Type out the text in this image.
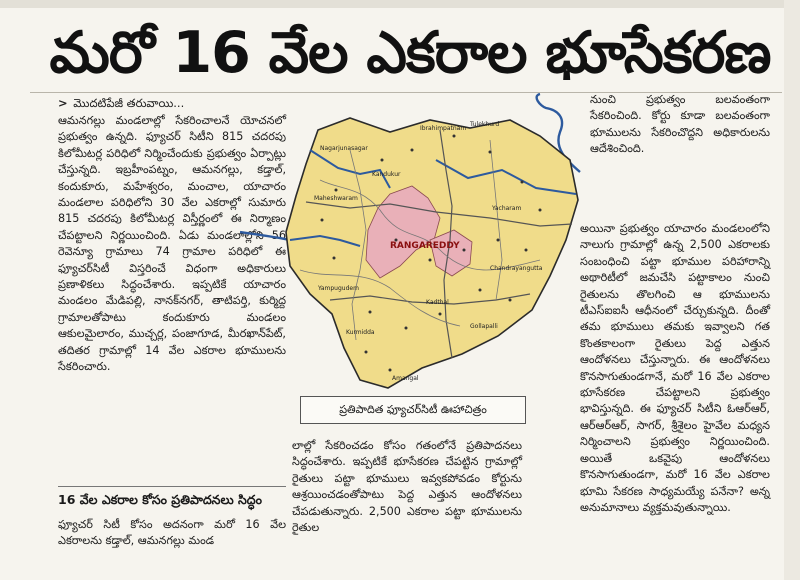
మరో 16 వేల ఎకరాల భూసేకరణ
> మొదటిపేజీ తరువాయి...
ఆమనగల్లు మండలాల్లో సేకరించాలనే యోచనలో ప్రభుత్వం ఉన్నది. ఫ్యూచర్ సిటీని 815 చదరపు కిలోమీటర్ల పరిధిలో నిర్మించేందుకు ప్రభుత్వం ఏర్పాట్లు చేస్తున్నది. ఇబ్రహీంపట్నం, ఆమనగల్లు, కడ్తాల్, కందుకూరు, మహేశ్వరం, మంచాల, యాచారం మండలాల పరిధిలోని 30 వేల ఎకరాల్లో సుమారు 815 చదరపు కిలోమీటర్ల విస్తీర్ణంలో ఈ నిర్మాణం చేపట్టాలని నిర్ణయించింది. ఏడు మండలాల్లోని 56 రెవెన్యూ గ్రామాలు 74 గ్రామాల పరిధిలో ఈ ఫ్యూచర్‌సిటీ విస్తరించే విధంగా అధికారులు ప్రణాళికలు సిద్ధంచేశారు. ఇప్పటికే యాచారం మండలం మేడిపల్లి, నానక్‌నగర్, తాటిపర్తి, కుర్మిద్ద గ్రామాలతోపాటు కందుకూరు మండలం ఆకులమైలారం, ముచ్చర్ల, పంజాగూడ, మీరఖాన్‌పేట్, తదితర గ్రామాల్లో 14 వేల ఎకరాల భూములను సేకరించారు.
16 వేల ఎకరాల కోసం ప్రతిపాదనలు సిద్ధం
ఫ్యూచర్ సిటీ కోసం అదనంగా మరో 16 వేల ఎకరాలను కడ్తాల్, ఆమనగల్లు మండ
RANGAREDDY
Kandukur
Yacharam
Kadthal
Amangal
Nagarjunasagar
Maheshwaram
Ibrahimpatnam
Tulekhurd
Yampugudem
Chandrayangutta
Gollapalli
Kurmidda
ప్రతిపాదిత ఫ్యూచర్‌సిటీ ఊహాచిత్రం
లాల్లో సేకరించడం కోసం గతంలోనే ప్రతిపాదనలు సిద్ధంచేశారు. ఇప్పటికే భూసేకరణ చేపట్టిన గ్రామాల్లో రైతులు పట్టా భూములు ఇవ్వకపోవడం కోర్టును ఆశ్రయించడంతోపాటు పెద్ద ఎత్తున ఆందోళనలు చేపడుతున్నారు. 2,500 ఎకరాల పట్టా భూములను రైతుల
నుంచి ప్రభుత్వం బలవంతంగా సేకరించింది. కోర్టు కూడా బలవంతంగా భూములను సేకరించొద్దని అధికారులను ఆదేశించింది.
అయినా ప్రభుత్వం యాచారం మండలంలోని నాలుగు గ్రామాల్లో ఉన్న 2,500 ఎకరాలకు సంబంధించి పట్టా భూముల పరిహారాన్ని అథారిటీలో జమచేసి పట్టాకాలం నుంచి రైతులను తొలగించి ఆ భూములను టీఎస్‌ఐఐసీ ఆధీనంలో చేర్చుకున్నది. దీంతో తమ భూములు తమకు ఇవ్వాలని గత కొంతకాలంగా రైతులు పెద్ద ఎత్తున ఆందోళనలు చేస్తున్నారు. ఈ ఆందోళనలు కొనసాగుతుండగానే, మరో 16 వేల ఎకరాల భూసేకరణ చేపట్టాలని ప్రభుత్వం భావిస్తున్నది. ఈ ఫ్యూచర్ సిటీని ఓఆర్‌ఆర్, ఆర్‌ఆర్‌ఆర్, సాగర్, శ్రీశైలం హైవేల మధ్యన నిర్మించాలని ప్రభుత్వం నిర్ణయించింది. అయితే ఒకవైపు ఆందోళనలు కొనసాగుతుండగా, మరో 16 వేల ఎకరాల భూమి సేకరణ సాధ్యమయ్యే పనేనా? అన్న అనుమానాలు వ్యక్తమవుతున్నాయి.
